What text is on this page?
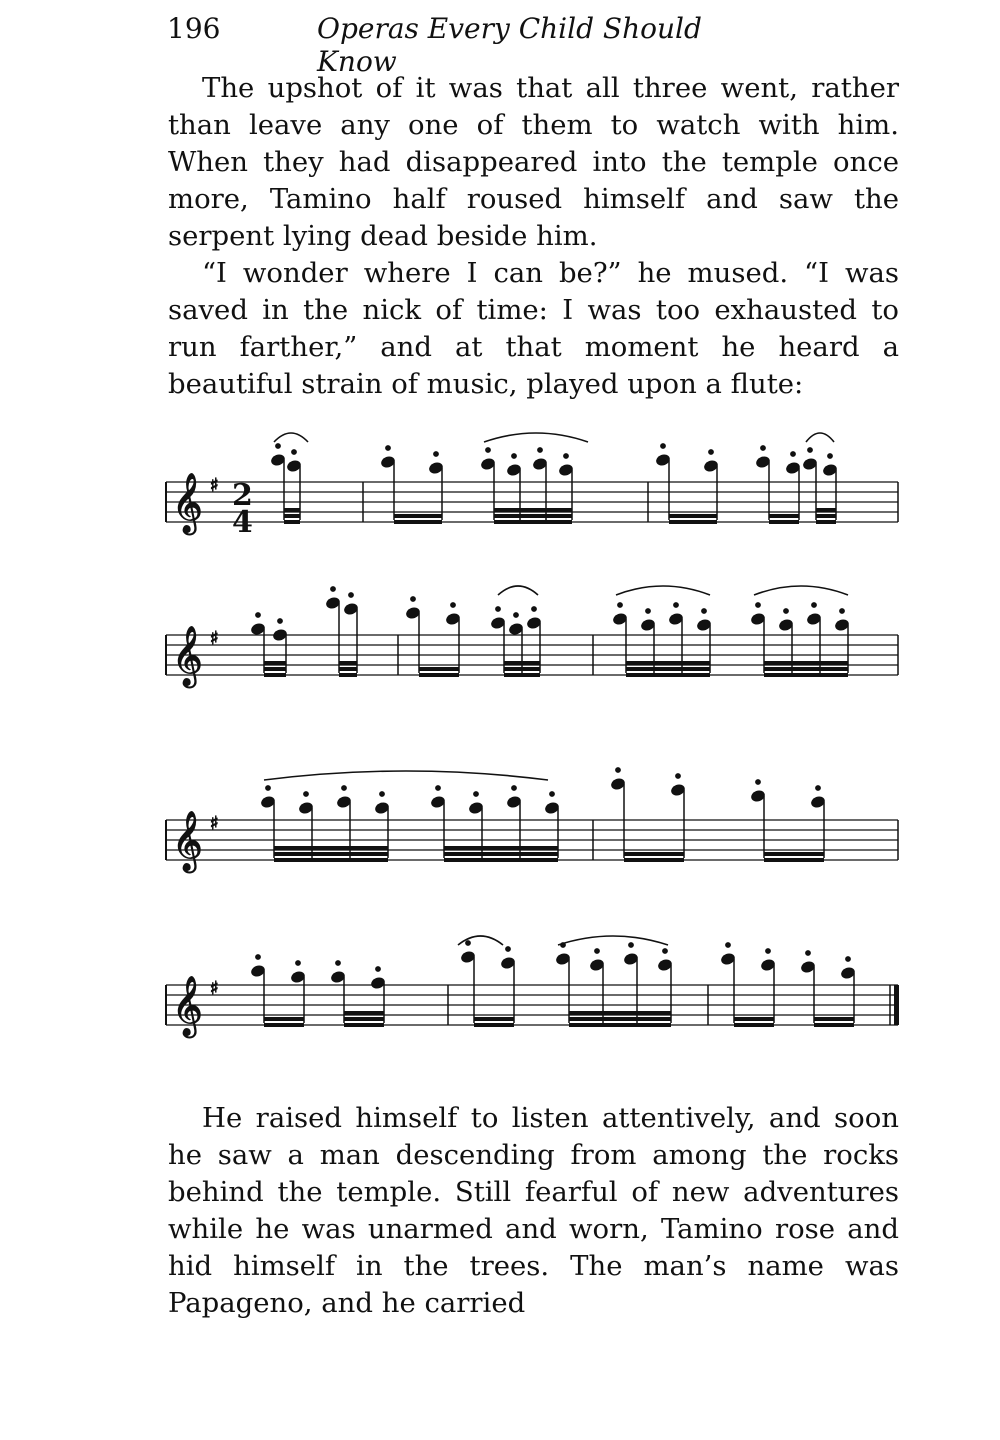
196	Operas Every Child Should Know

The upshot of it was that all three went, rather than leave any one of them to watch with him. When they had disappeared into the temple once more, Tamino half roused himself and saw the serpent lying dead beside him.

“I wonder where I can be?” he mused. “I was saved in the nick of time: I was too exhausted to run farther,” and at that moment he heard a beautiful strain of music, played upon a flute:

𝄞 ♯
𝄞 ♯
𝄞 ♯
𝄞 ♯
2
4

He raised himself to listen attentively, and soon he saw a man descending from among the rocks behind the temple. Still fearful of new adventures while he was unarmed and worn, Tamino rose and hid himself in the trees. The man’s name was Papageno, and he carried
